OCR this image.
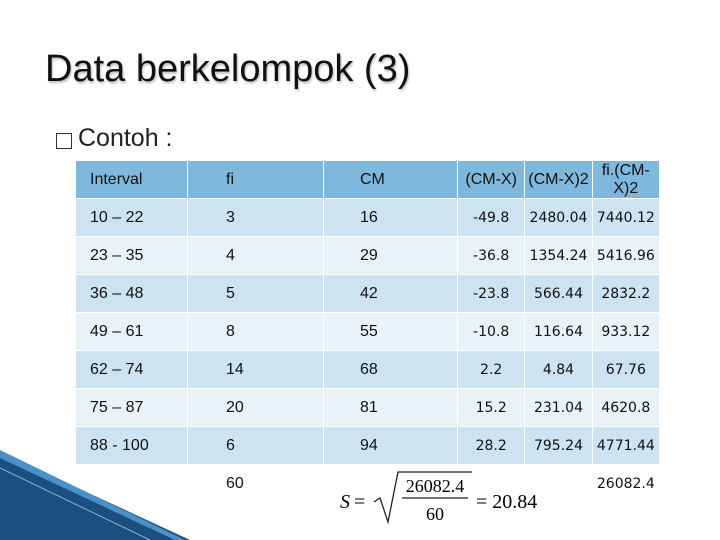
Data berkelompok (3)
Contoh :
Interval	fi	CM	(CM-X)	(CM-X)2	fi.(CM-X)2
10 – 22	3	16	-49.8	2480.04	7440.12
23 – 35	4	29	-36.8	1354.24	5416.96
36 – 48	5	42	-23.8	566.44	2832.2
49 – 61	8	55	-10.8	116.64	933.12
62 – 74	14	68	2.2	4.84	67.76
75 – 87	20	81	15.2	231.04	4620.8
88 - 100	6	94	28.2	795.24	4771.44
	60				26082.4
S =
26082.4
60
= 20.84
